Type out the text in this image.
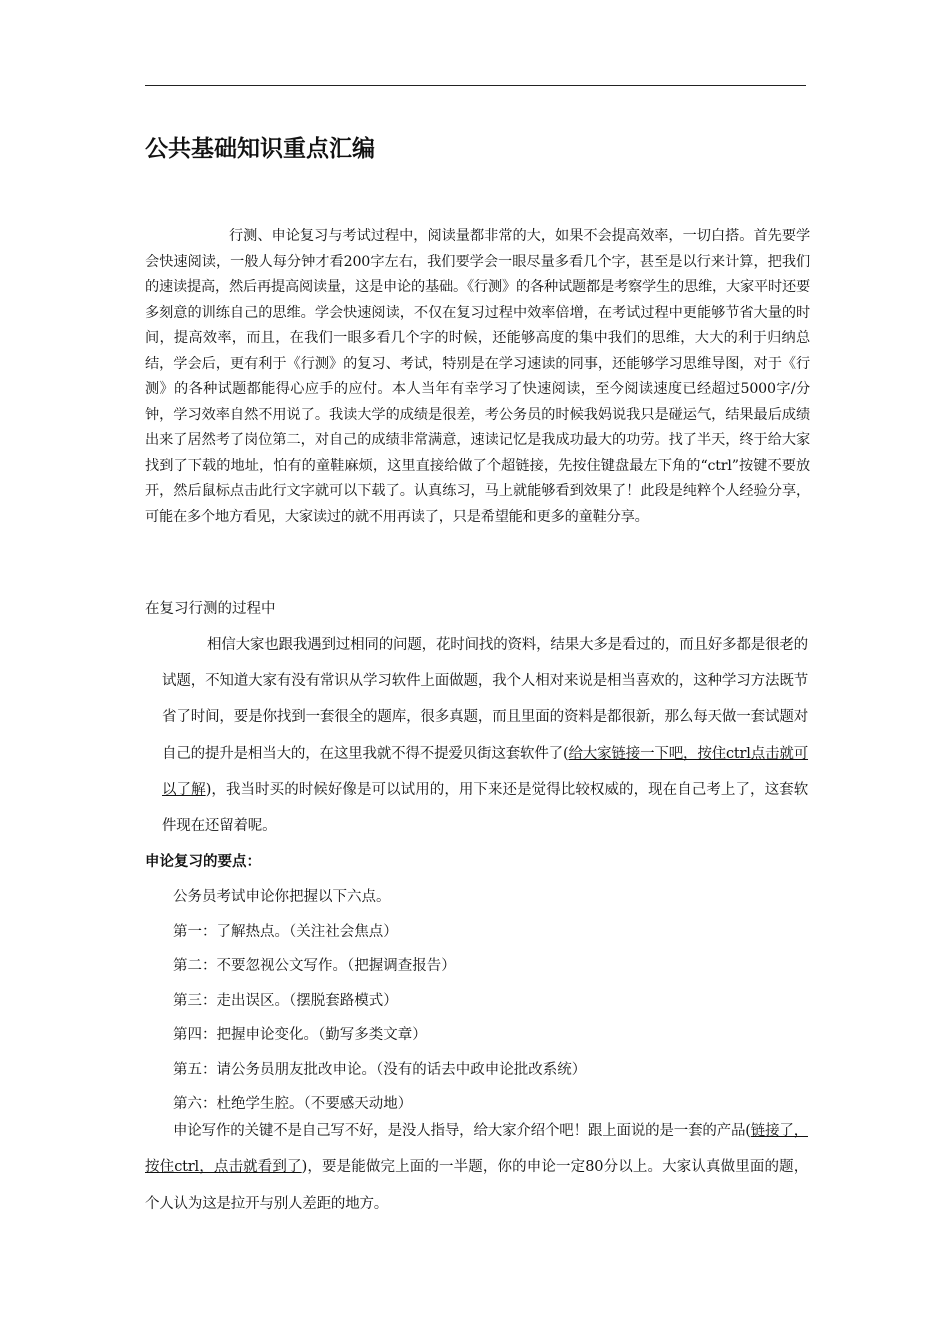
公共基础知识重点汇编

行测、申论复习与考试过程中，阅读量都非常的大，如果不会提高效率，一切白搭。首先要学会快速阅读，一般人每分钟才看200字左右，我们要学会一眼尽量多看几个字，甚至是以行来计算，把我们的速读提高，然后再提高阅读量，这是申论的基础。《行测》的各种试题都是考察学生的思维，大家平时还要多刻意的训练自己的思维。学会快速阅读，不仅在复习过程中效率倍增，在考试过程中更能够节省大量的时间，提高效率，而且，在我们一眼多看几个字的时候，还能够高度的集中我们的思维，大大的利于归纳总结，学会后，更有利于《行测》的复习、考试，特别是在学习速读的同事，还能够学习思维导图，对于《行测》的各种试题都能得心应手的应付。本人当年有幸学习了快速阅读，至今阅读速度已经超过5000字/分钟，学习效率自然不用说了。我读大学的成绩是很差，考公务员的时候我妈说我只是碰运气，结果最后成绩出来了居然考了岗位第二，对自己的成绩非常满意，速读记忆是我成功最大的功劳。找了半天，终于给大家找到了下载的地址，怕有的童鞋麻烦，这里直接给做了个超链接，先按住键盘最左下角的“ctrl”按键不要放开，然后鼠标点击此行文字就可以下载了。认真练习，马上就能够看到效果了！此段是纯粹个人经验分享，可能在多个地方看见，大家读过的就不用再读了，只是希望能和更多的童鞋分享。

在复习行测的过程中

相信大家也跟我遇到过相同的问题，花时间找的资料，结果大多是看过的，而且好多都是很老的试题，不知道大家有没有常识从学习软件上面做题，我个人相对来说是相当喜欢的，这种学习方法既节省了时间，要是你找到一套很全的题库，很多真题，而且里面的资料是都很新，那么每天做一套试题对自己的提升是相当大的，在这里我就不得不提爱贝街这套软件了(给大家链接一下吧，按住ctrl点击就可以了解)，我当时买的时候好像是可以试用的，用下来还是觉得比较权威的，现在自己考上了，这套软件现在还留着呢。

申论复习的要点：

公务员考试申论你把握以下六点。
第一：了解热点。（关注社会焦点）
第二：不要忽视公文写作。（把握调查报告）
第三：走出误区。（摆脱套路模式）
第四：把握申论变化。（勤写多类文章）
第五：请公务员朋友批改申论。（没有的话去中政申论批改系统）
第六：杜绝学生腔。（不要感天动地）

申论写作的关键不是自己写不好，是没人指导，给大家介绍个吧！跟上面说的是一套的产品(链接了，按住ctrl，点击就看到了)，要是能做完上面的一半题，你的申论一定80分以上。大家认真做里面的题，个人认为这是拉开与别人差距的地方。
